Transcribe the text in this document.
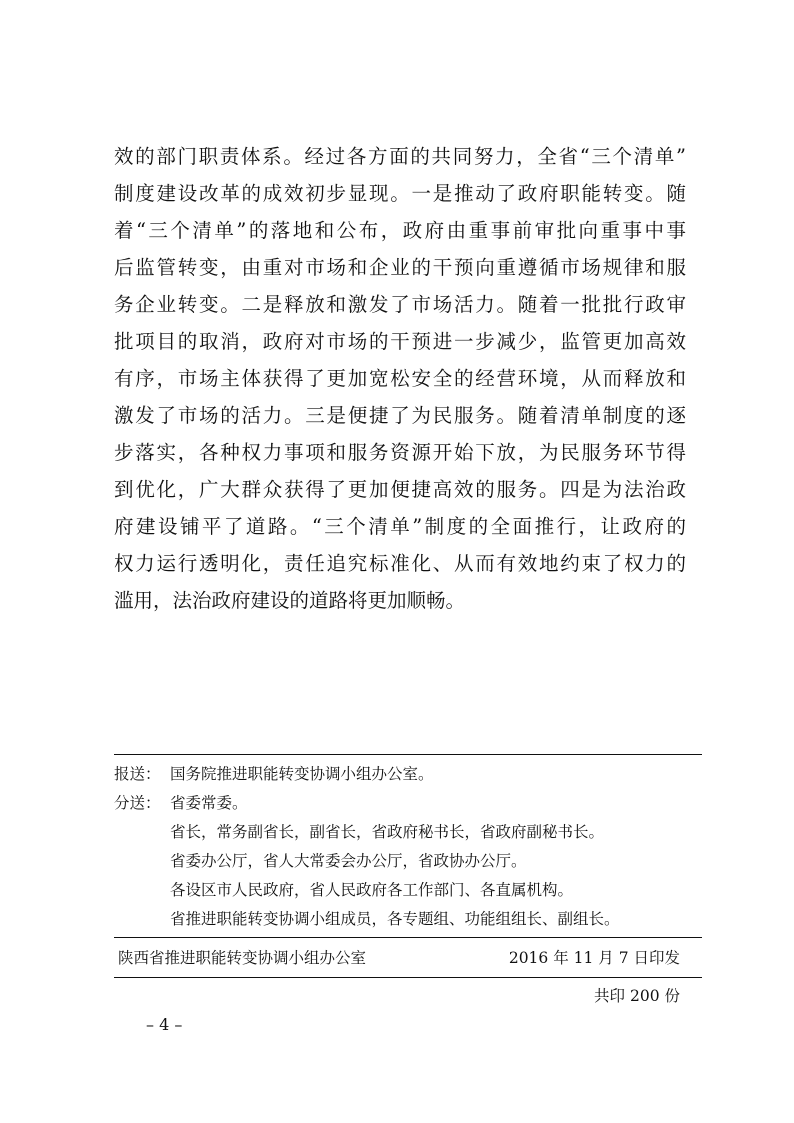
效的部门职责体系。经过各方面的共同努力，全省“三个清单”
制度建设改革的成效初步显现。一是推动了政府职能转变。随
着“三个清单”的落地和公布，政府由重事前审批向重事中事
后监管转变，由重对市场和企业的干预向重遵循市场规律和服
务企业转变。二是释放和激发了市场活力。随着一批批行政审
批项目的取消，政府对市场的干预进一步减少，监管更加高效
有序，市场主体获得了更加宽松安全的经营环境，从而释放和
激发了市场的活力。三是便捷了为民服务。随着清单制度的逐
步落实，各种权力事项和服务资源开始下放，为民服务环节得
到优化，广大群众获得了更加便捷高效的服务。四是为法治政
府建设铺平了道路。“三个清单”制度的全面推行，让政府的
权力运行透明化，责任追究标准化、从而有效地约束了权力的
滥用，法治政府建设的道路将更加顺畅。
报送： 国务院推进职能转变协调小组办公室。
分送： 省委常委。
省长，常务副省长，副省长，省政府秘书长，省政府副秘书长。
省委办公厅，省人大常委会办公厅，省政协办公厅。
各设区市人民政府，省人民政府各工作部门、各直属机构。
省推进职能转变协调小组成员，各专题组、功能组组长、副组长。
陕西省推进职能转变协调小组办公室	2016 年 11 月 7 日印发
共印 200 份
– 4 –
